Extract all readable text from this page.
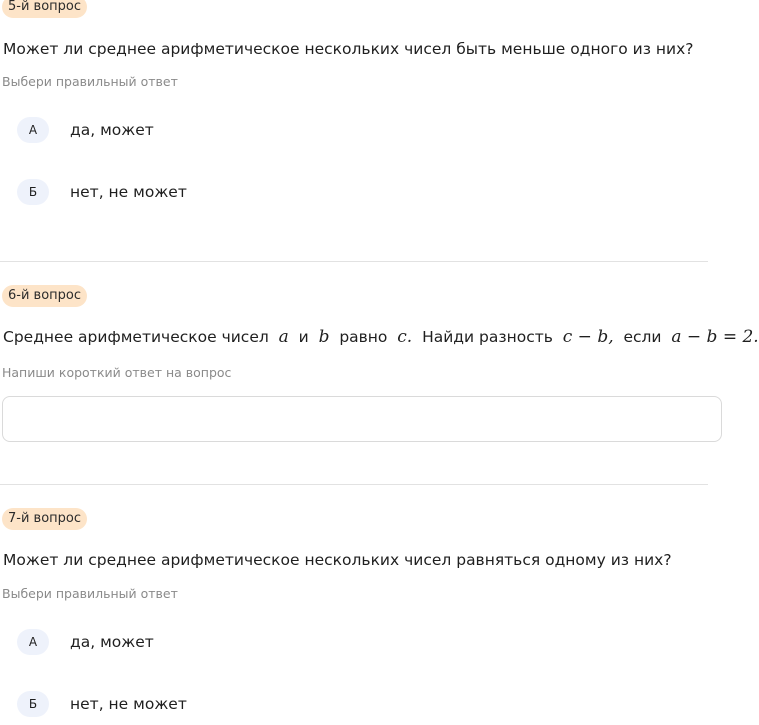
5-й вопрос
Может ли среднее арифметическое нескольких чисел быть меньше одного из них?
Выбери правильный ответ
А	да, может
Б	нет, не может
6-й вопрос
Среднее арифметическое чисел a и b равно c. Найди разность c − b, если a − b = 2.
Напиши короткий ответ на вопрос
7-й вопрос
Может ли среднее арифметическое нескольких чисел равняться одному из них?
Выбери правильный ответ
А	да, может
Б	нет, не может
